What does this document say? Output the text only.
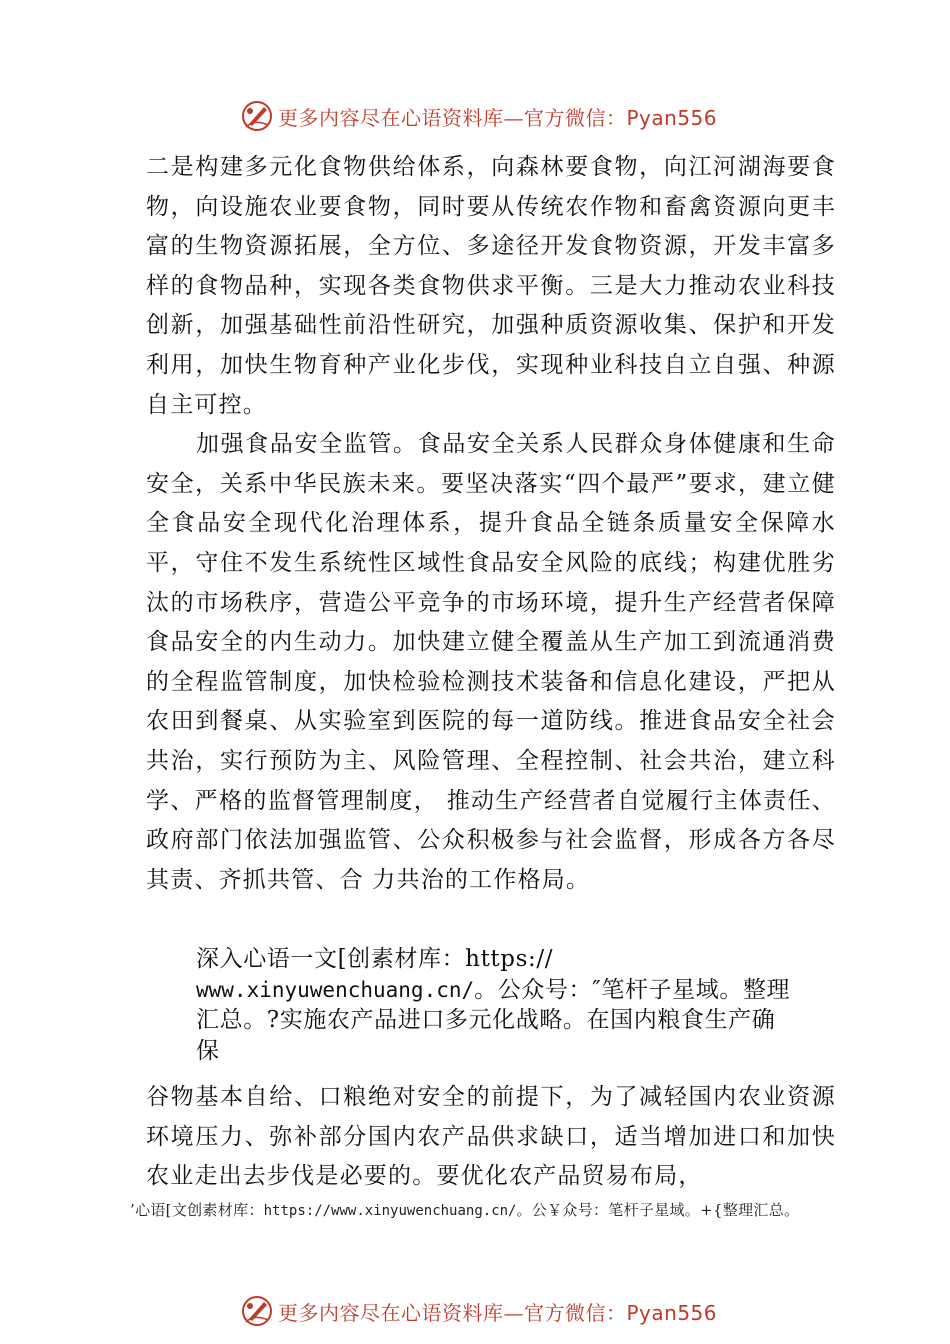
更多内容尽在心语资料库—官方微信：Pyan556

二是构建多元化食物供给体系，向森林要食物，向江河湖海要食物，向设施农业要食物，同时要从传统农作物和畜禽资源向更丰富的生物资源拓展，全方位、多途径开发食物资源，开发丰富多样的食物品种，实现各类食物供求平衡。三是大力推动农业科技创新，加强基础性前沿性研究，加强种质资源收集、保护和开发利用，加快生物育种产业化步伐，实现种业科技自立自强、种源自主可控。

加强食品安全监管。食品安全关系人民群众身体健康和生命安全，关系中华民族未来。要坚决落实“四个最严”要求，建立健全食品安全现代化治理体系，提升食品全链条质量安全保障水平，守住不发生系统性区域性食品安全风险的底线；构建优胜劣汰的市场秩序，营造公平竞争的市场环境，提升生产经营者保障食品安全的内生动力。加快建立健全覆盖从生产加工到流通消费的全程监管制度，加快检验检测技术装备和信息化建设，严把从农田到餐桌、从实验室到医院的每一道防线。推进食品安全社会共治，实行预防为主、风险管理、全程控制、社会共治，建立科学、严格的监督管理制度， 推动生产经营者自觉履行主体责任、政府部门依法加强监管、公众积极参与社会监督，形成各方各尽其责、齐抓共管、合 力共治的工作格局。

深入心语一文[创素材库：https://
www.xinyuwenchuang.cn/。公众号：″笔杆子星域。整理
汇总。?实施农产品进口多元化战略。在国内粮食生产确
保

谷物基本自给、口粮绝对安全的前提下，为了减轻国内农业资源环境压力、弥补部分国内农产品供求缺口，适当增加进口和加快农业走出去步伐是必要的。要优化农产品贸易布局，

’心语[文创素材库：https://www.xinyuwenchuang.cn/。公￥众号：笔杆子星域。+{整理汇总。
更多内容尽在心语资料库—官方微信：Pyan556
